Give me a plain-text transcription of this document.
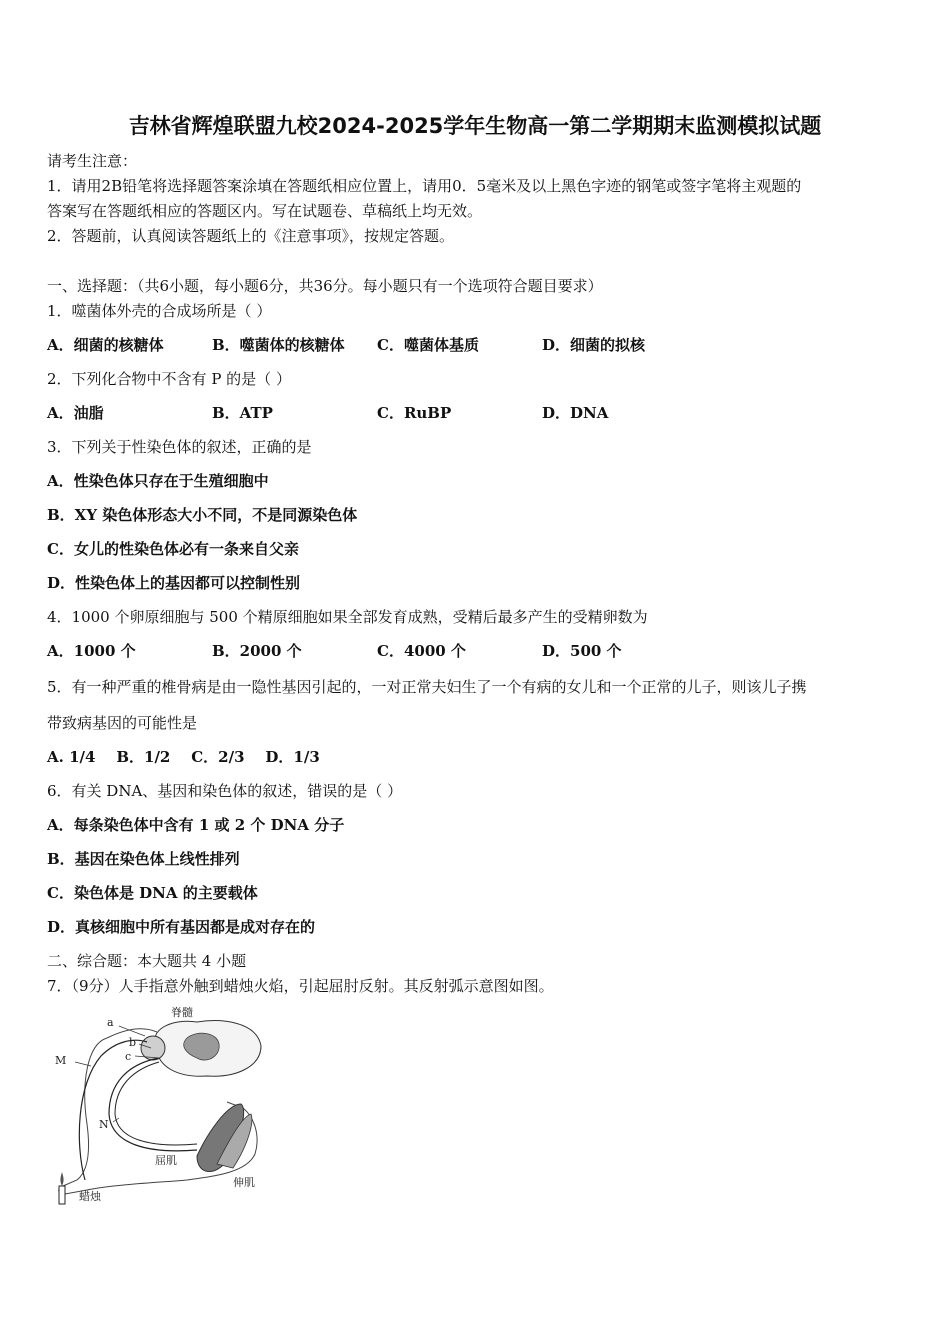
吉林省辉煌联盟九校2024-2025学年生物高一第二学期期末监测模拟试题
请考生注意：
1．请用2B铅笔将选择题答案涂填在答题纸相应位置上，请用0．5毫米及以上黑色字迹的钢笔或签字笔将主观题的
答案写在答题纸相应的答题区内。写在试题卷、草稿纸上均无效。
2．答题前，认真阅读答题纸上的《注意事项》，按规定答题。
一、选择题：（共6小题，每小题6分，共36分。每小题只有一个选项符合题目要求）
1．噬菌体外壳的合成场所是（ ）
A．细菌的核糖体	B．噬菌体的核糖体 C．噬菌体基质	D．细菌的拟核
2．下列化合物中不含有 P 的是（ ）
A．油脂	B．ATP	C．RuBP	D．DNA
3．下列关于性染色体的叙述，正确的是
A．性染色体只存在于生殖细胞中
B．XY 染色体形态大小不同，不是同源染色体
C．女儿的性染色体必有一条来自父亲
D．性染色体上的基因都可以控制性别
4．1000 个卵原细胞与 500 个精原细胞如果全部发育成熟，受精后最多产生的受精卵数为
A．1000 个	B．2000 个	C．4000 个	D．500 个
5．有一种严重的椎骨病是由一隐性基因引起的，一对正常夫妇生了一个有病的女儿和一个正常的儿子，则该儿子携
带致病基因的可能性是
A. 1/4    B．1/2    C．2/3    D．1/3
6．有关 DNA、基因和染色体的叙述，错误的是（ ）
A．每条染色体中含有 1 或 2 个 DNA 分子
B．基因在染色体上线性排列
C．染色体是 DNA 的主要载体
D．真核细胞中所有基因都是成对存在的
二、综合题：本大题共 4 小题
7．（9分）人手指意外触到蜡烛火焰，引起屈肘反射。其反射弧示意图如图。
脊髓
a
b
c
M
N
屈肌
伸肌
蜡烛
